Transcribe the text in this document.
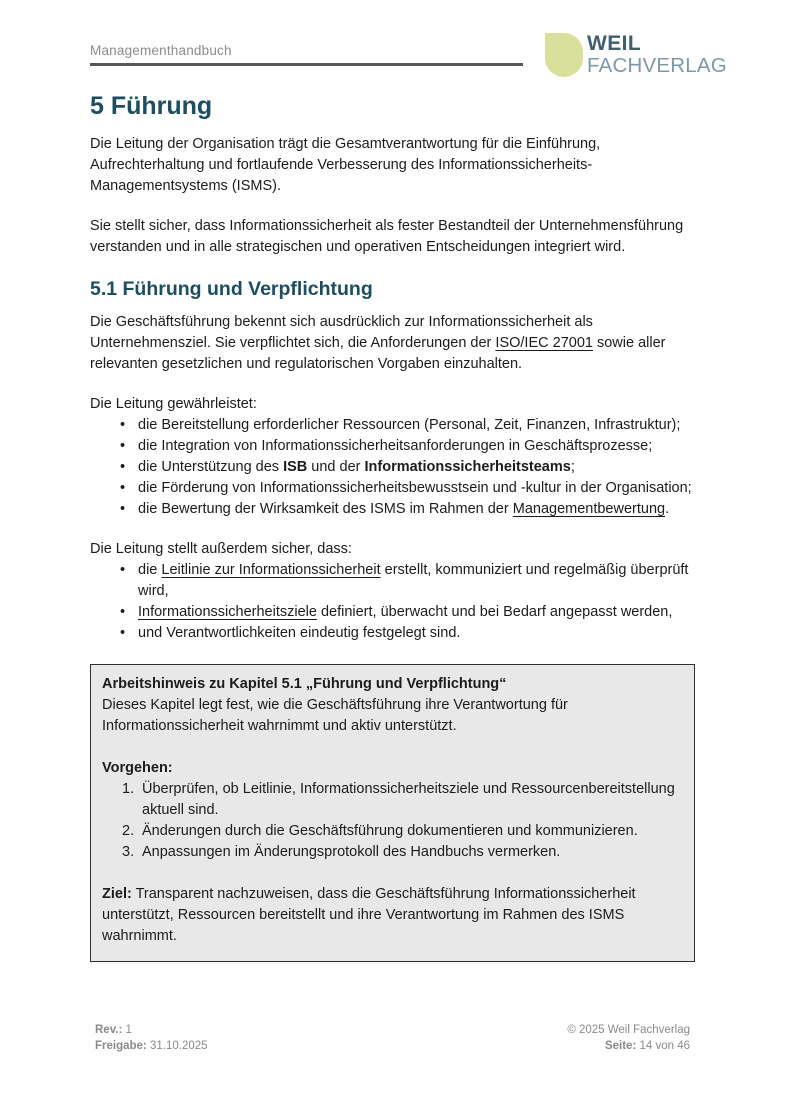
Managementhandbuch	WEIL
FACHVERLAG
5 Führung

Die Leitung der Organisation trägt die Gesamtverantwortung für die Einführung, Aufrechterhaltung und fortlaufende Verbesserung des Informationssicherheits-Managementsystems (ISMS).

Sie stellt sicher, dass Informationssicherheit als fester Bestandteil der Unternehmensführung verstanden und in alle strategischen und operativen Entscheidungen integriert wird.

5.1 Führung und Verpflichtung

Die Geschäftsführung bekennt sich ausdrücklich zur Informationssicherheit als Unternehmensziel. Sie verpflichtet sich, die Anforderungen der ISO/IEC 27001 sowie aller relevanten gesetzlichen und regulatorischen Vorgaben einzuhalten.

Die Leitung gewährleistet:

• die Bereitstellung erforderlicher Ressourcen (Personal, Zeit, Finanzen, Infrastruktur);
• die Integration von Informationssicherheitsanforderungen in Geschäftsprozesse;
• die Unterstützung des ISB und der Informationssicherheitsteams;
• die Förderung von Informationssicherheitsbewusstsein und -kultur in der Organisation;
• die Bewertung der Wirksamkeit des ISMS im Rahmen der Managementbewertung.

Die Leitung stellt außerdem sicher, dass:

• die Leitlinie zur Informationssicherheit erstellt, kommuniziert und regelmäßig überprüft wird,
• Informationssicherheitsziele definiert, überwacht und bei Bedarf angepasst werden,
• und Verantwortlichkeiten eindeutig festgelegt sind.

Arbeitshinweis zu Kapitel 5.1 „Führung und Verpflichtung“

Dieses Kapitel legt fest, wie die Geschäftsführung ihre Verantwortung für Informationssicherheit wahrnimmt und aktiv unterstützt.

Vorgehen:

Überprüfen, ob Leitlinie, Informationssicherheitsziele und Ressourcenbereitstellung aktuell sind.
Änderungen durch die Geschäftsführung dokumentieren und kommunizieren.
Anpassungen im Änderungsprotokoll des Handbuchs vermerken.

Ziel: Transparent nachzuweisen, dass die Geschäftsführung Informationssicherheit unterstützt, Ressourcen bereitstellt und ihre Verantwortung im Rahmen des ISMS wahrnimmt.

Rev.: 1
Freigabe: 31.10.2025
© 2025 Weil Fachverlag
Seite: 14 von 46
